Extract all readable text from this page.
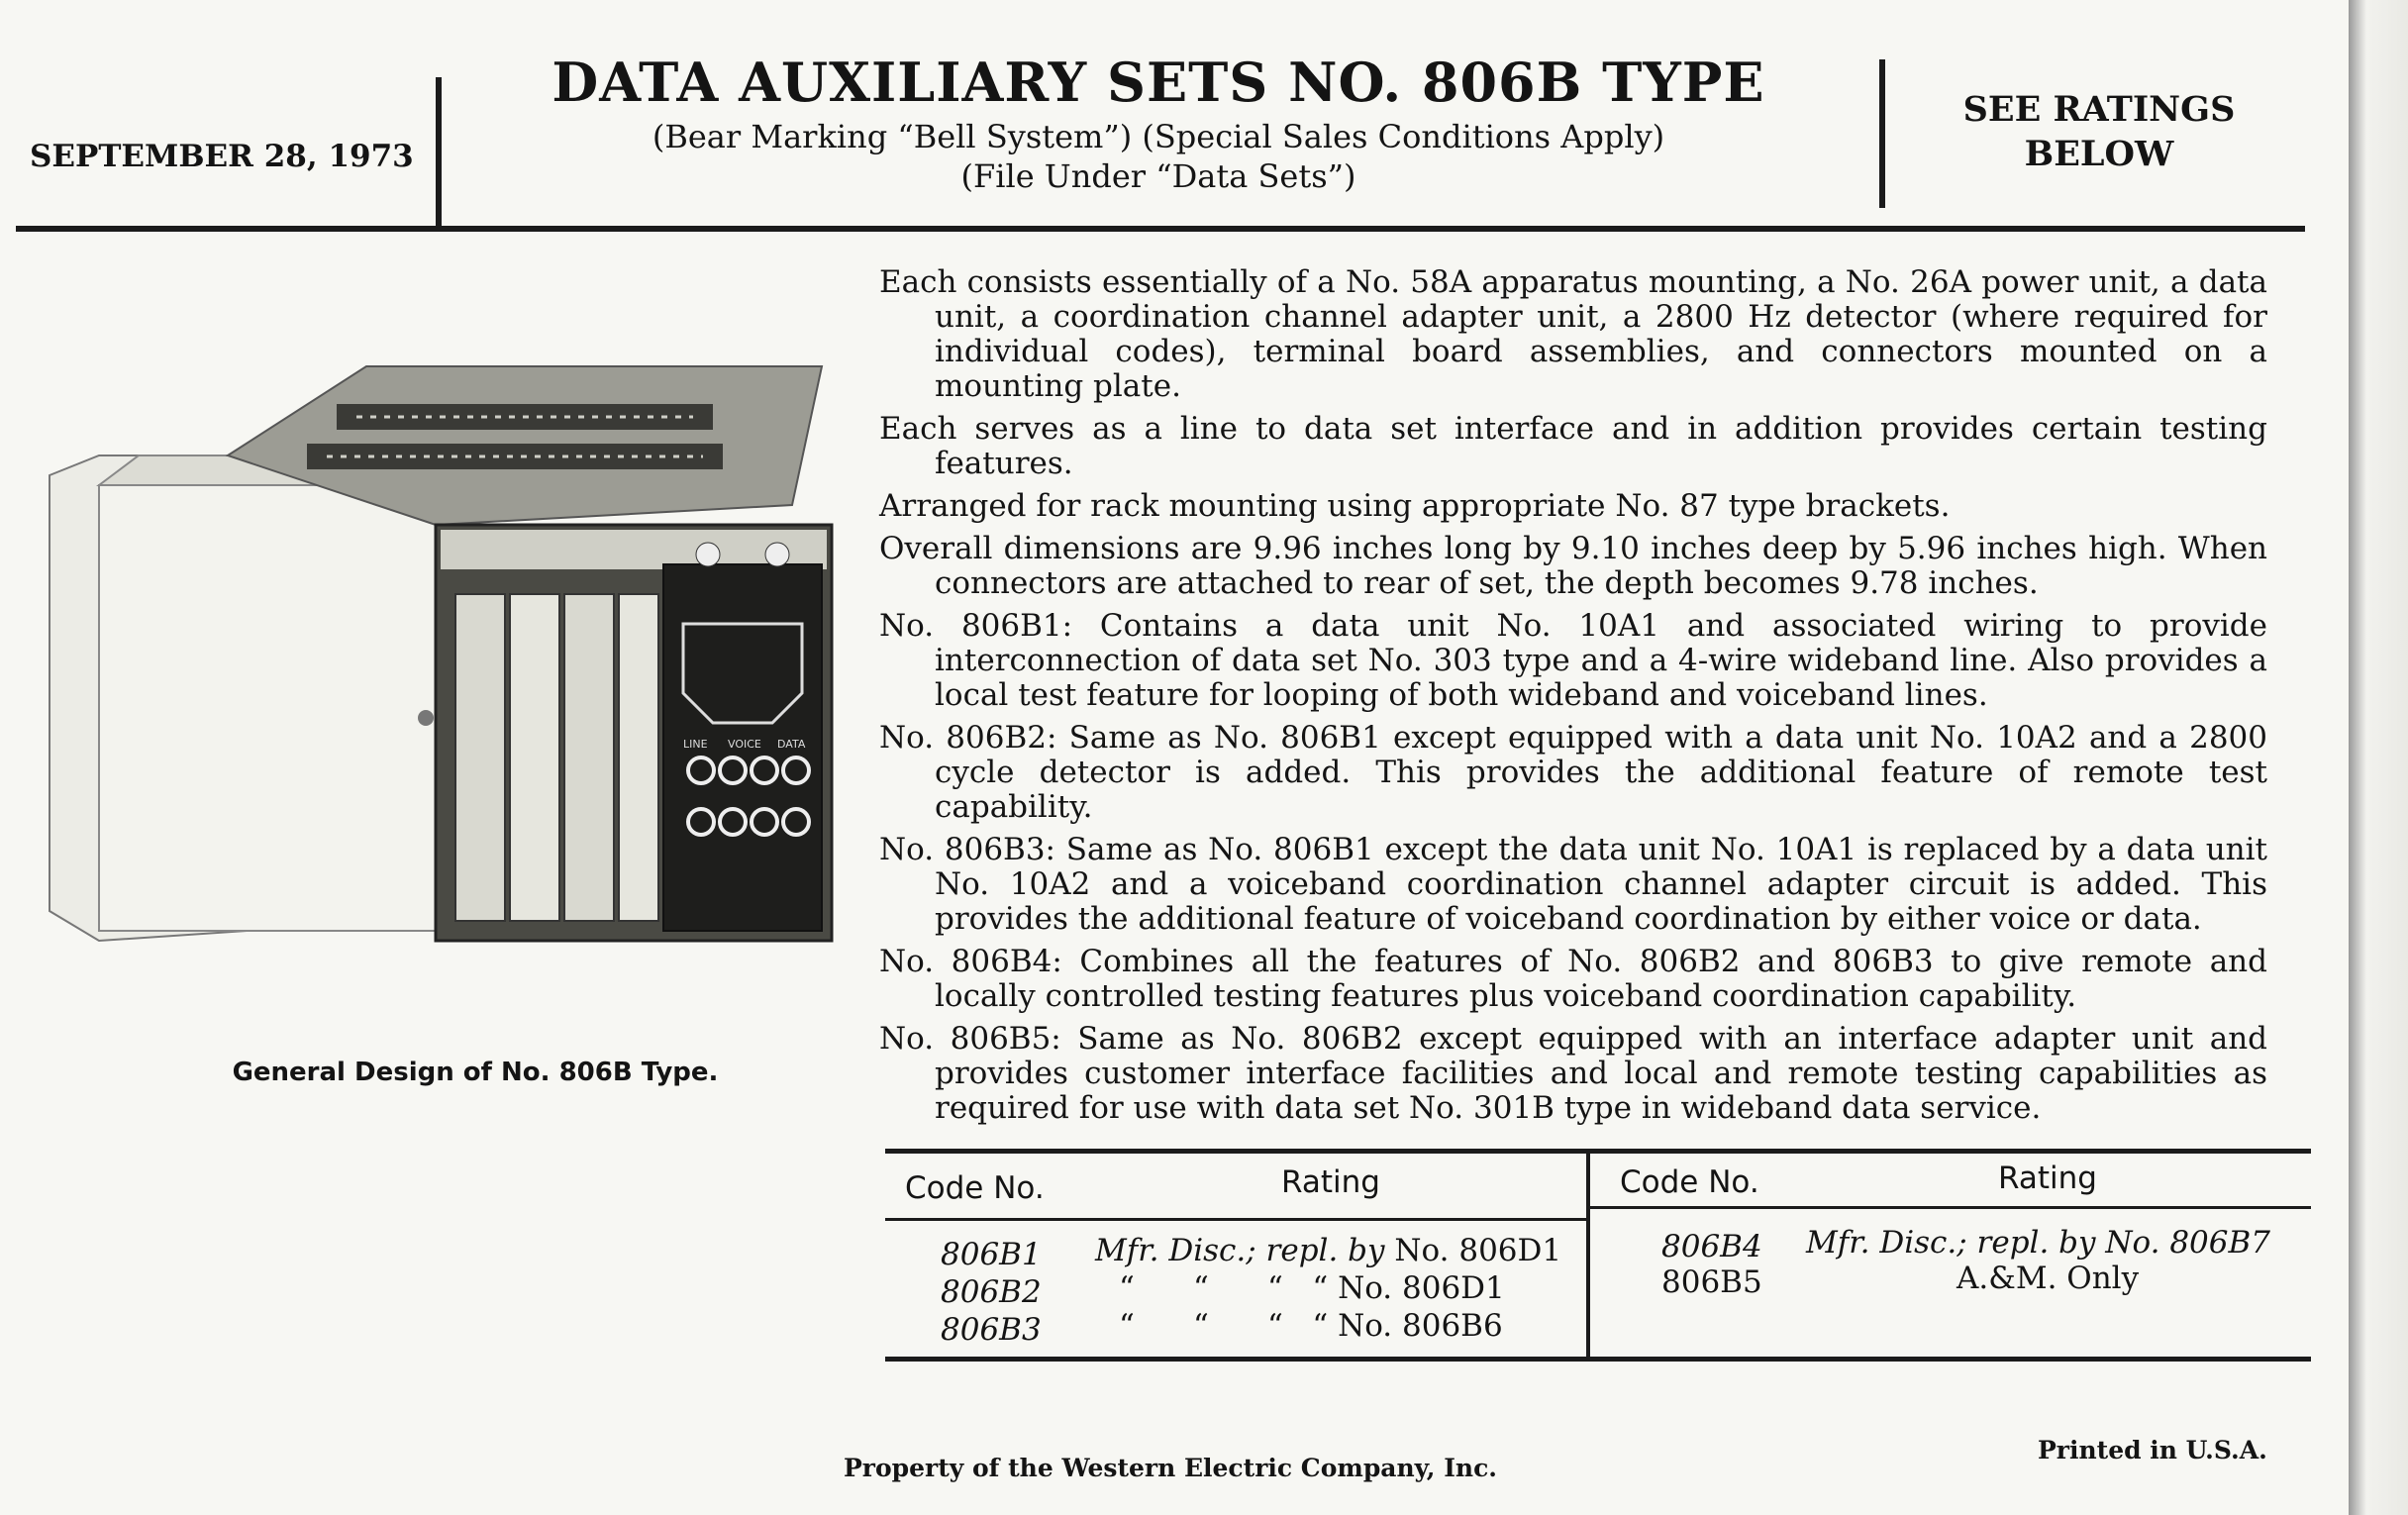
SEPTEMBER 28, 1973
DATA AUXILIARY SETS NO. 806B TYPE
(Bear Marking “Bell System”) (Special Sales Conditions Apply)
(File Under “Data Sets”)
SEE RATINGS
BELOW
LINE VOICE DATA
General Design of No. 806B Type.

Each consists essentially of a No. 58A apparatus mounting, a No. 26A power unit, a data unit, a coordination channel adapter unit, a 2800 Hz detector (where required for individual codes), terminal board assemblies, and connectors mounted on a mounting plate.

Each serves as a line to data set interface and in addition provides certain testing features.

Arranged for rack mounting using appropriate No. 87 type brackets.

Overall dimensions are 9.96 inches long by 9.10 inches deep by 5.96 inches high. When connectors are attached to rear of set, the depth becomes 9.78 inches.

No. 806B1: Contains a data unit No. 10A1 and associated wiring to provide interconnection of data set No. 303 type and a 4-wire wideband line. Also provides a local test feature for looping of both wideband and voiceband lines.

No. 806B2: Same as No. 806B1 except equipped with a data unit No. 10A2 and a 2800 cycle detector is added. This provides the additional feature of remote test capability.

No. 806B3: Same as No. 806B1 except the data unit No. 10A1 is replaced by a data unit No. 10A2 and a voiceband coordination channel adapter circuit is added. This provides the additional feature of voiceband coordination by either voice or data.

No. 806B4: Combines all the features of No. 806B2 and 806B3 to give remote and locally controlled testing features plus voiceband coordination capability.

No. 806B5: Same as No. 806B2 except equipped with an interface adapter unit and provides customer interface facilities and local and remote testing capabilities as required for use with data set No. 301B type in wideband data service.

Code No.	Rating	Code No.	Rating
806B1 Mfr. Disc.; repl. by No. 806D1
806B2	“      “      “   “ No. 806D1
806B3	“      “      “   “ No. 806B6
806B4 Mfr. Disc.; repl. by No. 806B7
806B5	A.&M. Only
Property of the Western Electric Company, Inc.
Printed in U.S.A.
